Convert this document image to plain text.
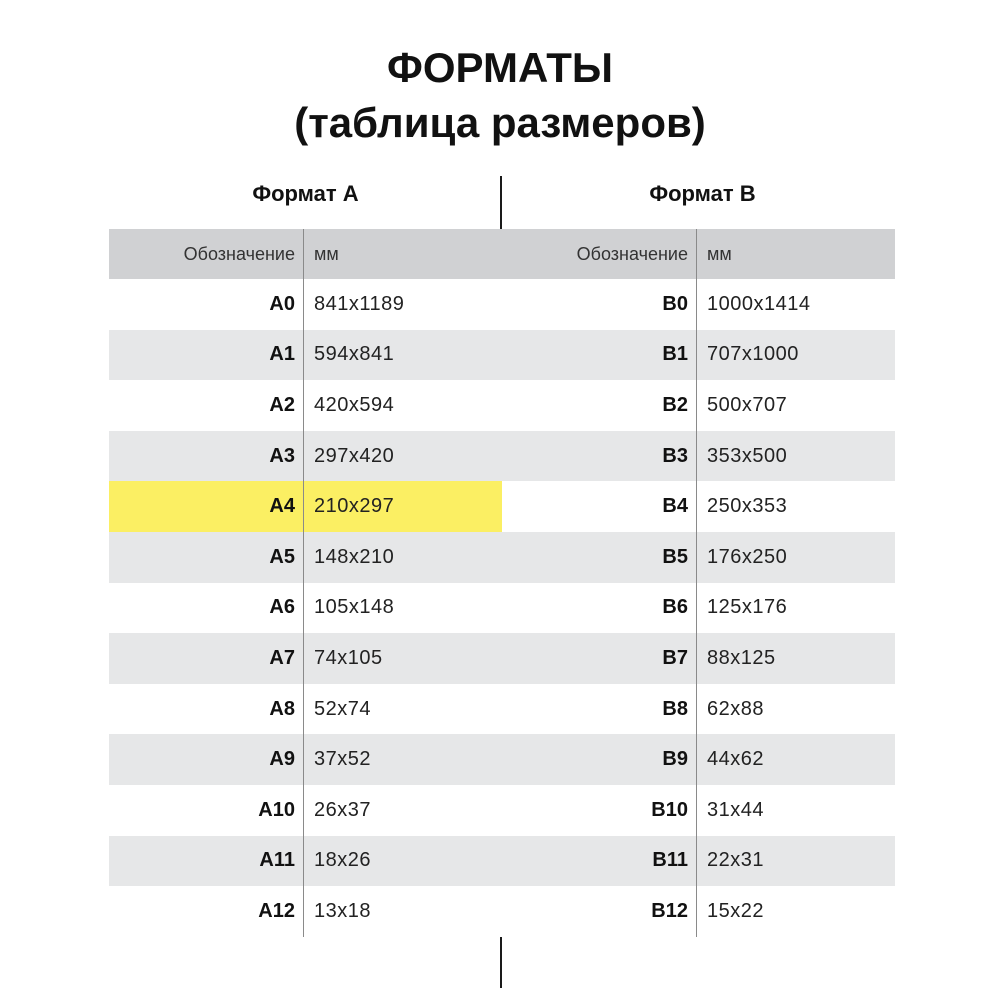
ФОРМАТЫ
(таблица размеров)
Формат А
Обозначение	мм
А0 841x1189
А1 594x841
А2 420x594
А3 297x420
А4 210x297
А5 148x210
А6 105x148
А7 74x105
А8 52x74
А9 37x52
А10 26x37
А11 18x26
А12 13x18
Формат В
Обозначение	мм
В0 1000x1414
В1 707x1000
В2 500x707
В3 353x500
В4 250x353
В5 176x250
В6 125x176
В7 88x125
В8 62x88
В9 44x62
В10 31x44
В11 22x31
В12 15x22
